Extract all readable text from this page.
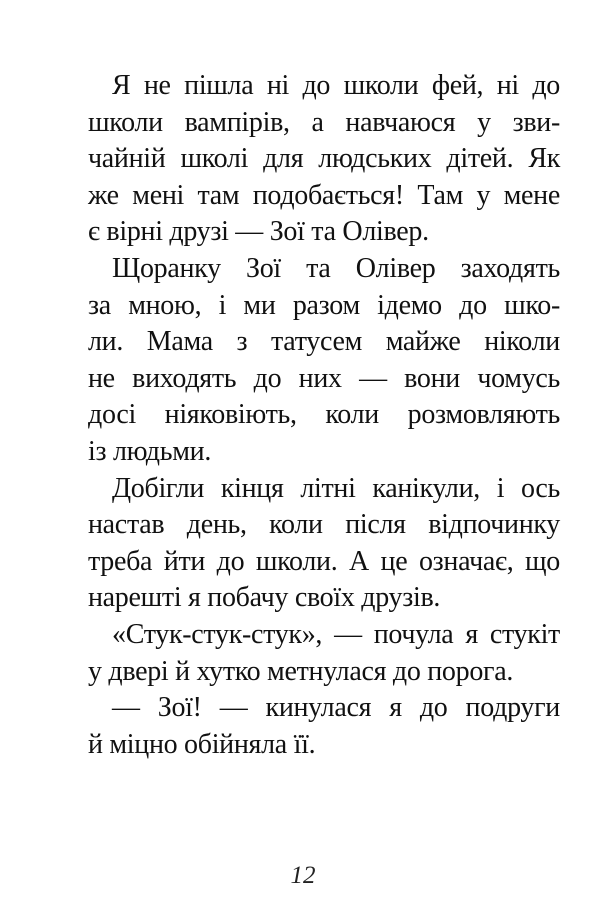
Я не пішла ні до школи фей, ні до
школи вампірів, а навчаюся у зви-
чайній школі для людських дітей. Як
же мені там подобається! Там у мене
є вірні друзі — Зої та Олівер.
Щоранку Зої та Олівер заходять
за мною, і ми разом ідемо до шко-
ли. Мама з татусем майже ніколи
не виходять до них — вони чомусь
досі ніяковіють, коли розмовляють
із людьми.
Добігли кінця літні канікули, і ось
настав день, коли після відпочинку
треба йти до школи. А це означає, що
нарешті я побачу своїх друзів.
«Стук-стук-стук», — почула я стукіт
у двері й хутко метнулася до порога.
— Зої! — кинулася я до подруги
й міцно обійняла її.
12
